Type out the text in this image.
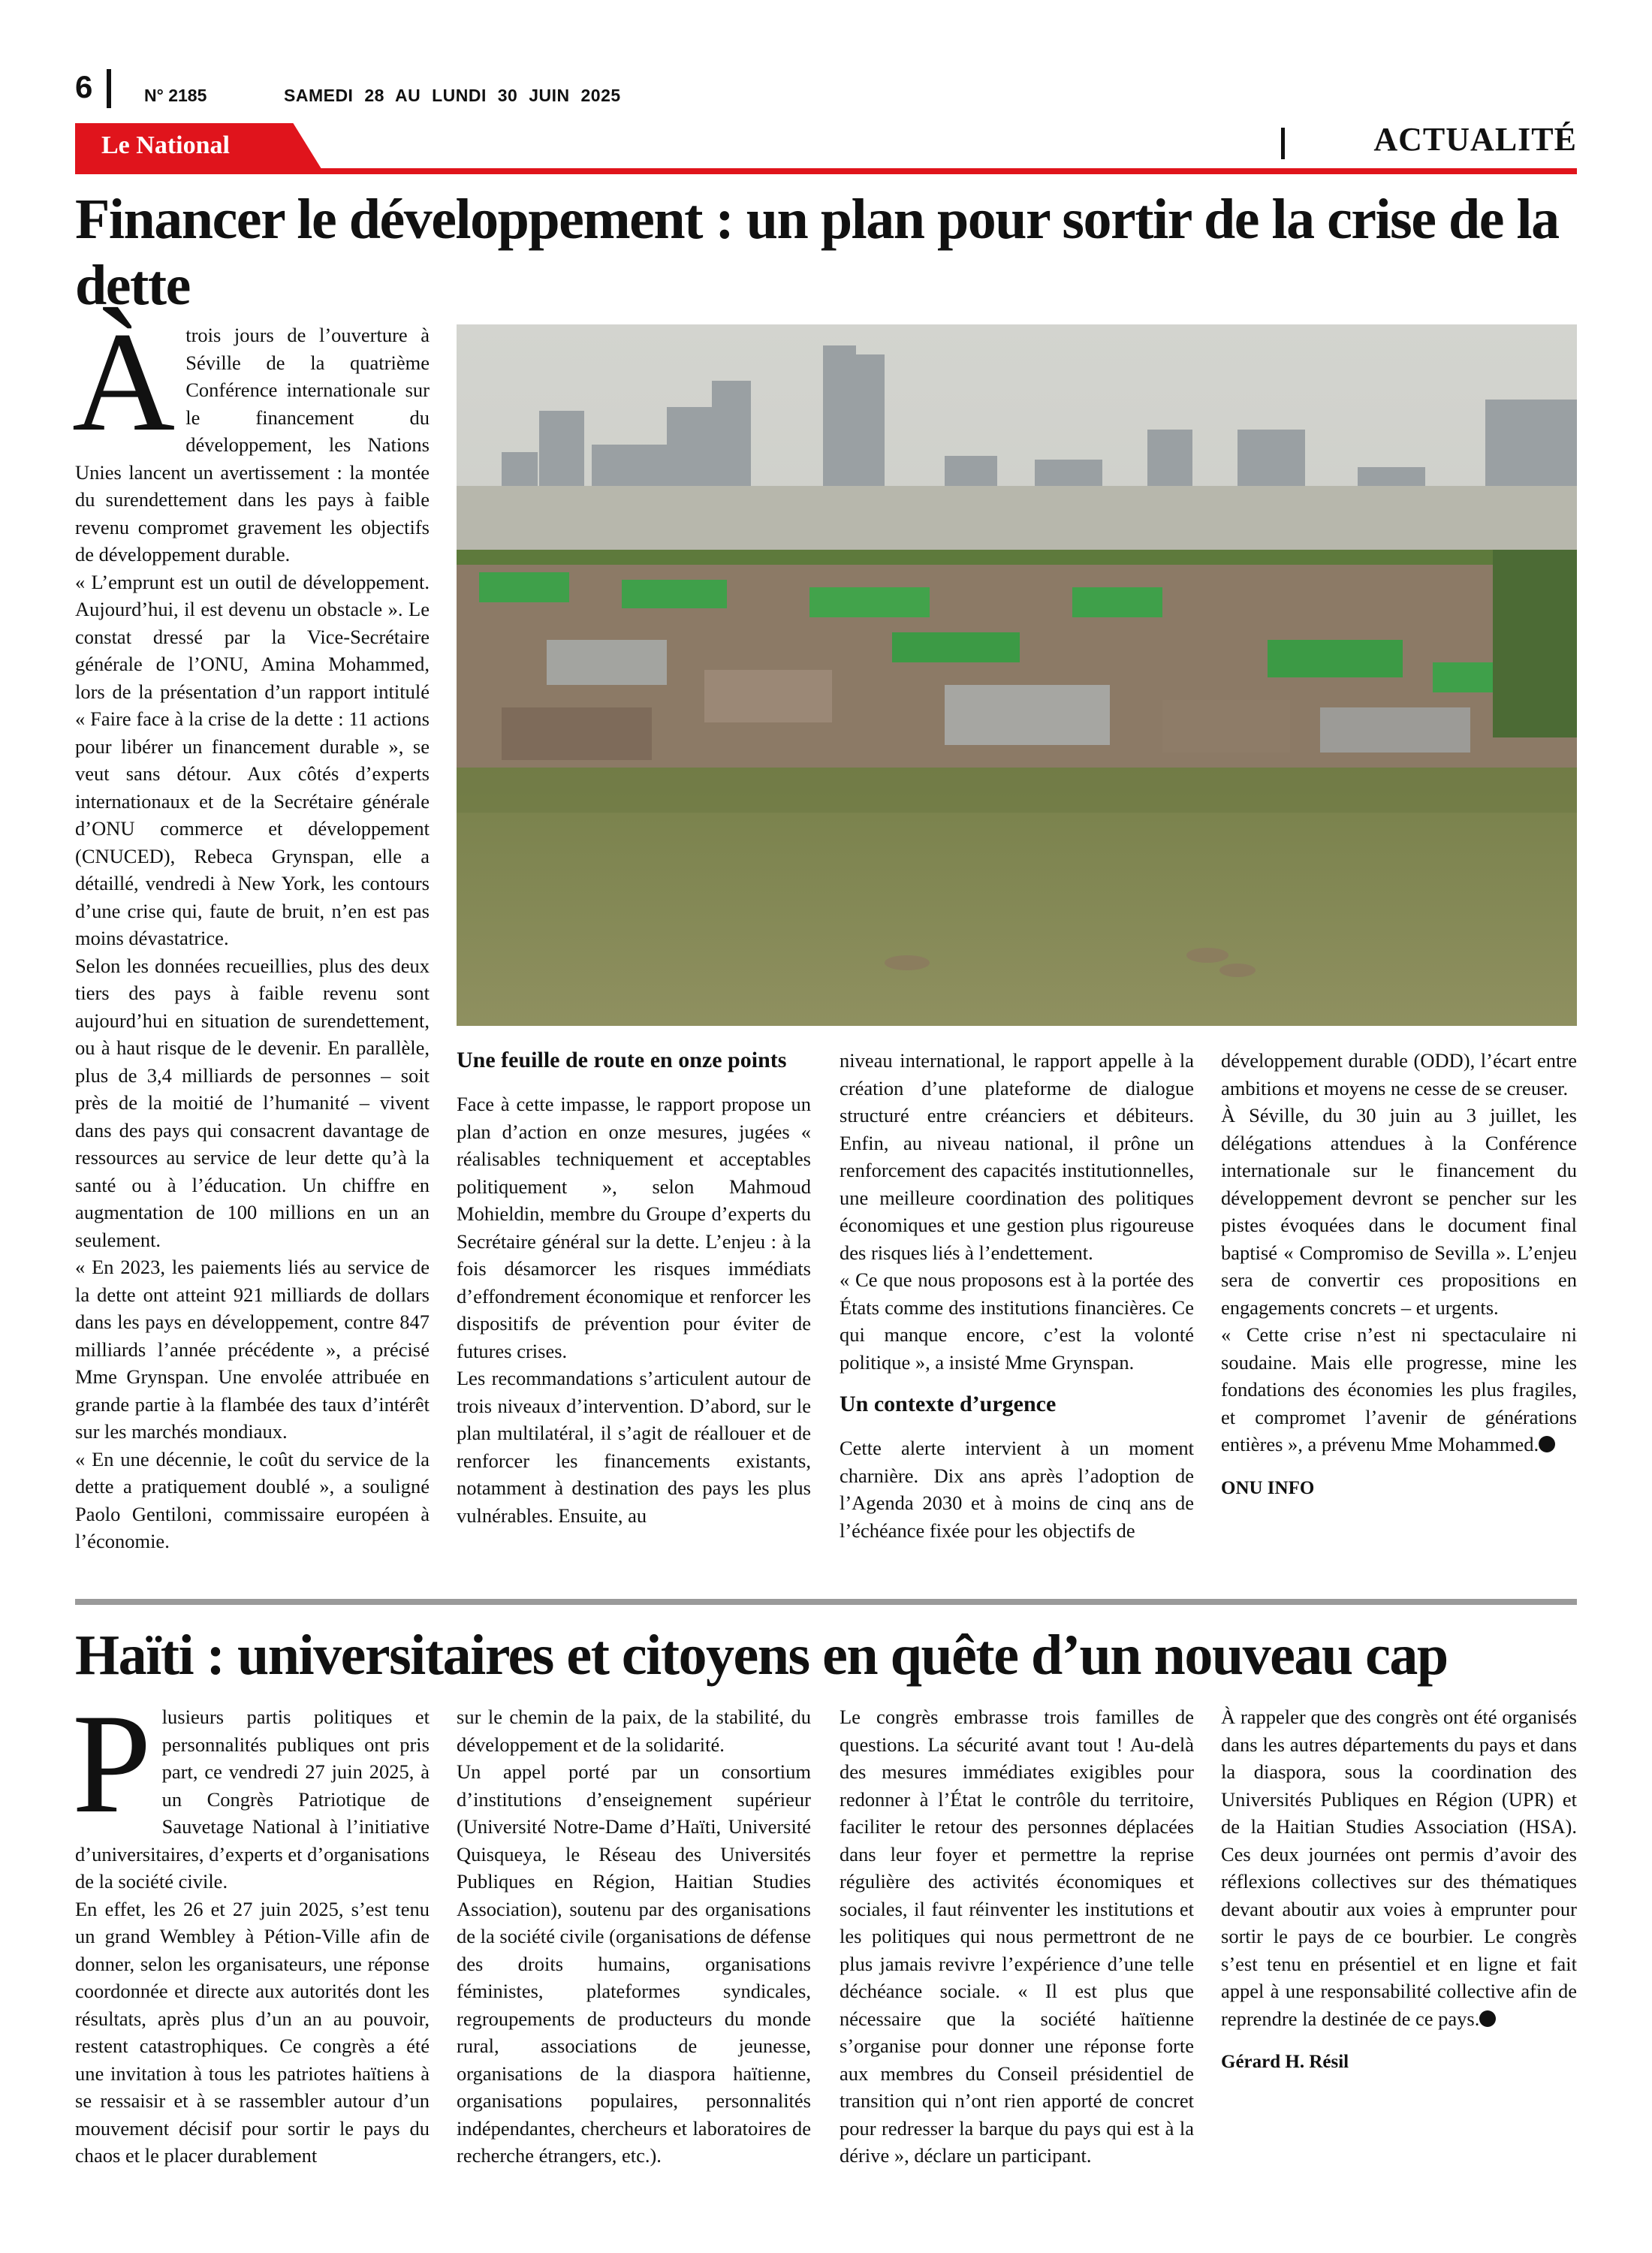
6	N° 2185	SAMEDI 28 AU LUNDI 30 JUIN 2025
Le National	ACTUALITÉ
Financer le développement : un plan pour sortir de la crise de la dette
À trois jours de l’ouverture à Séville de la quatrième Conférence internationale sur le financement du développement, les Nations Unies lancent un avertissement : la montée du surendettement dans les pays à faible revenu compromet gravement les objectifs de développement durable.

« L’emprunt est un outil de développement. Aujourd’hui, il est devenu un obstacle ». Le constat dressé par la Vice-Secrétaire générale de l’ONU, Amina Mohammed, lors de la présentation d’un rapport intitulé « Faire face à la crise de la dette : 11 actions pour libérer un financement durable », se veut sans détour. Aux côtés d’experts internationaux et de la Secrétaire générale d’ONU commerce et développement (CNUCED), Rebeca Grynspan, elle a détaillé, vendredi à New York, les contours d’une crise qui, faute de bruit, n’en est pas moins dévastatrice.

Selon les données recueillies, plus des deux tiers des pays à faible revenu sont aujourd’hui en situation de surendettement, ou à haut risque de le devenir. En parallèle, plus de 3,4 milliards de personnes – soit près de la moitié de l’humanité – vivent dans des pays qui consacrent davantage de ressources au service de leur dette qu’à la santé ou à l’éducation. Un chiffre en augmentation de 100 millions en un an seulement.

« En 2023, les paiements liés au service de la dette ont atteint 921 milliards de dollars dans les pays en développement, contre 847 milliards l’année précédente », a précisé Mme Grynspan. Une envolée attribuée en grande partie à la flambée des taux d’intérêt sur les marchés mondiaux.

« En une décennie, le coût du service de la dette a pratiquement doublé », a souligné Paolo Gentiloni, commissaire européen à l’économie.

Une feuille de route en onze points

Face à cette impasse, le rapport propose un plan d’action en onze mesures, jugées « réalisables techniquement et acceptables politiquement », selon Mahmoud Mohieldin, membre du Groupe d’experts du Secrétaire général sur la dette. L’enjeu : à la fois désamorcer les risques immédiats d’effondrement économique et renforcer les dispositifs de prévention pour éviter de futures crises.

Les recommandations s’articulent autour de trois niveaux d’intervention. D’abord, sur le plan multilatéral, il s’agit de réallouer et de renforcer les financements existants, notamment à destination des pays les plus vulnérables. Ensuite, au

niveau international, le rapport appelle à la création d’une plateforme de dialogue structuré entre créanciers et débiteurs. Enfin, au niveau national, il prône un renforcement des capacités institutionnelles, une meilleure coordination des politiques économiques et une gestion plus rigoureuse des risques liés à l’endettement.

« Ce que nous proposons est à la portée des États comme des institutions financières. Ce qui manque encore, c’est la volonté politique », a insisté Mme Grynspan.

Un contexte d’urgence

Cette alerte intervient à un moment charnière. Dix ans après l’adoption de l’Agenda 2030 et à moins de cinq ans de l’échéance fixée pour les objectifs de

développement durable (ODD), l’écart entre ambitions et moyens ne cesse de se creuser.

À Séville, du 30 juin au 3 juillet, les délégations attendues à la Conférence internationale sur le financement du développement devront se pencher sur les pistes évoquées dans le document final baptisé « Compromiso de Sevilla ». L’enjeu sera de convertir ces propositions en engagements concrets – et urgents.

« Cette crise n’est ni spectaculaire ni soudaine. Mais elle progresse, mine les fondations des économies les plus fragiles, et compromet l’avenir de générations entières », a prévenu Mme Mohammed.

ONU INFO
Haïti : universitaires et citoyens en quête d’un nouveau cap
P lusieurs partis politiques et personnalités publiques ont pris part, ce vendredi 27 juin 2025, à un Congrès Patriotique de Sauvetage National à l’initiative d’universitaires, d’experts et d’organisations de la société civile.

En effet, les 26 et 27 juin 2025, s’est tenu un grand Wembley à Pétion-Ville afin de donner, selon les organisateurs, une réponse coordonnée et directe aux autorités dont les résultats, après plus d’un an au pouvoir, restent catastrophiques. Ce congrès a été une invitation à tous les patriotes haïtiens à se ressaisir et à se rassembler autour d’un mouvement décisif pour sortir le pays du chaos et le placer durablement

sur le chemin de la paix, de la stabilité, du développement et de la solidarité.

Un appel porté par un consortium d’institutions d’enseignement supérieur (Université Notre-Dame d’Haïti, Université Quisqueya, le Réseau des Universités Publiques en Région, Haitian Studies Association), soutenu par des organisations de la société civile (organisations de défense des droits humains, organisations féministes, plateformes syndicales, regroupements de producteurs du monde rural, associations de jeunesse, organisations de la diaspora haïtienne, organisations populaires, personnalités indépendantes, chercheurs et laboratoires de recherche étrangers, etc.).

Le congrès embrasse trois familles de questions. La sécurité avant tout ! Au-delà des mesures immédiates exigibles pour redonner à l’État le contrôle du territoire, faciliter le retour des personnes déplacées dans leur foyer et permettre la reprise régulière des activités économiques et sociales, il faut réinventer les institutions et les politiques qui nous permettront de ne plus jamais revivre l’expérience d’une telle déchéance sociale. « Il est plus que nécessaire que la société haïtienne s’organise pour donner une réponse forte aux membres du Conseil présidentiel de transition qui n’ont rien apporté de concret pour redresser la barque du pays qui est à la dérive », déclare un participant.

À rappeler que des congrès ont été organisés dans les autres départements du pays et dans la diaspora, sous la coordination des Universités Publiques en Région (UPR) et de la Haitian Studies Association (HSA). Ces deux journées ont permis d’avoir des réflexions collectives sur des thématiques devant aboutir aux voies à emprunter pour sortir le pays de ce bourbier. Le congrès s’est tenu en présentiel et en ligne et fait appel à une responsabilité collective afin de reprendre la destinée de ce pays.

Gérard H. Résil
